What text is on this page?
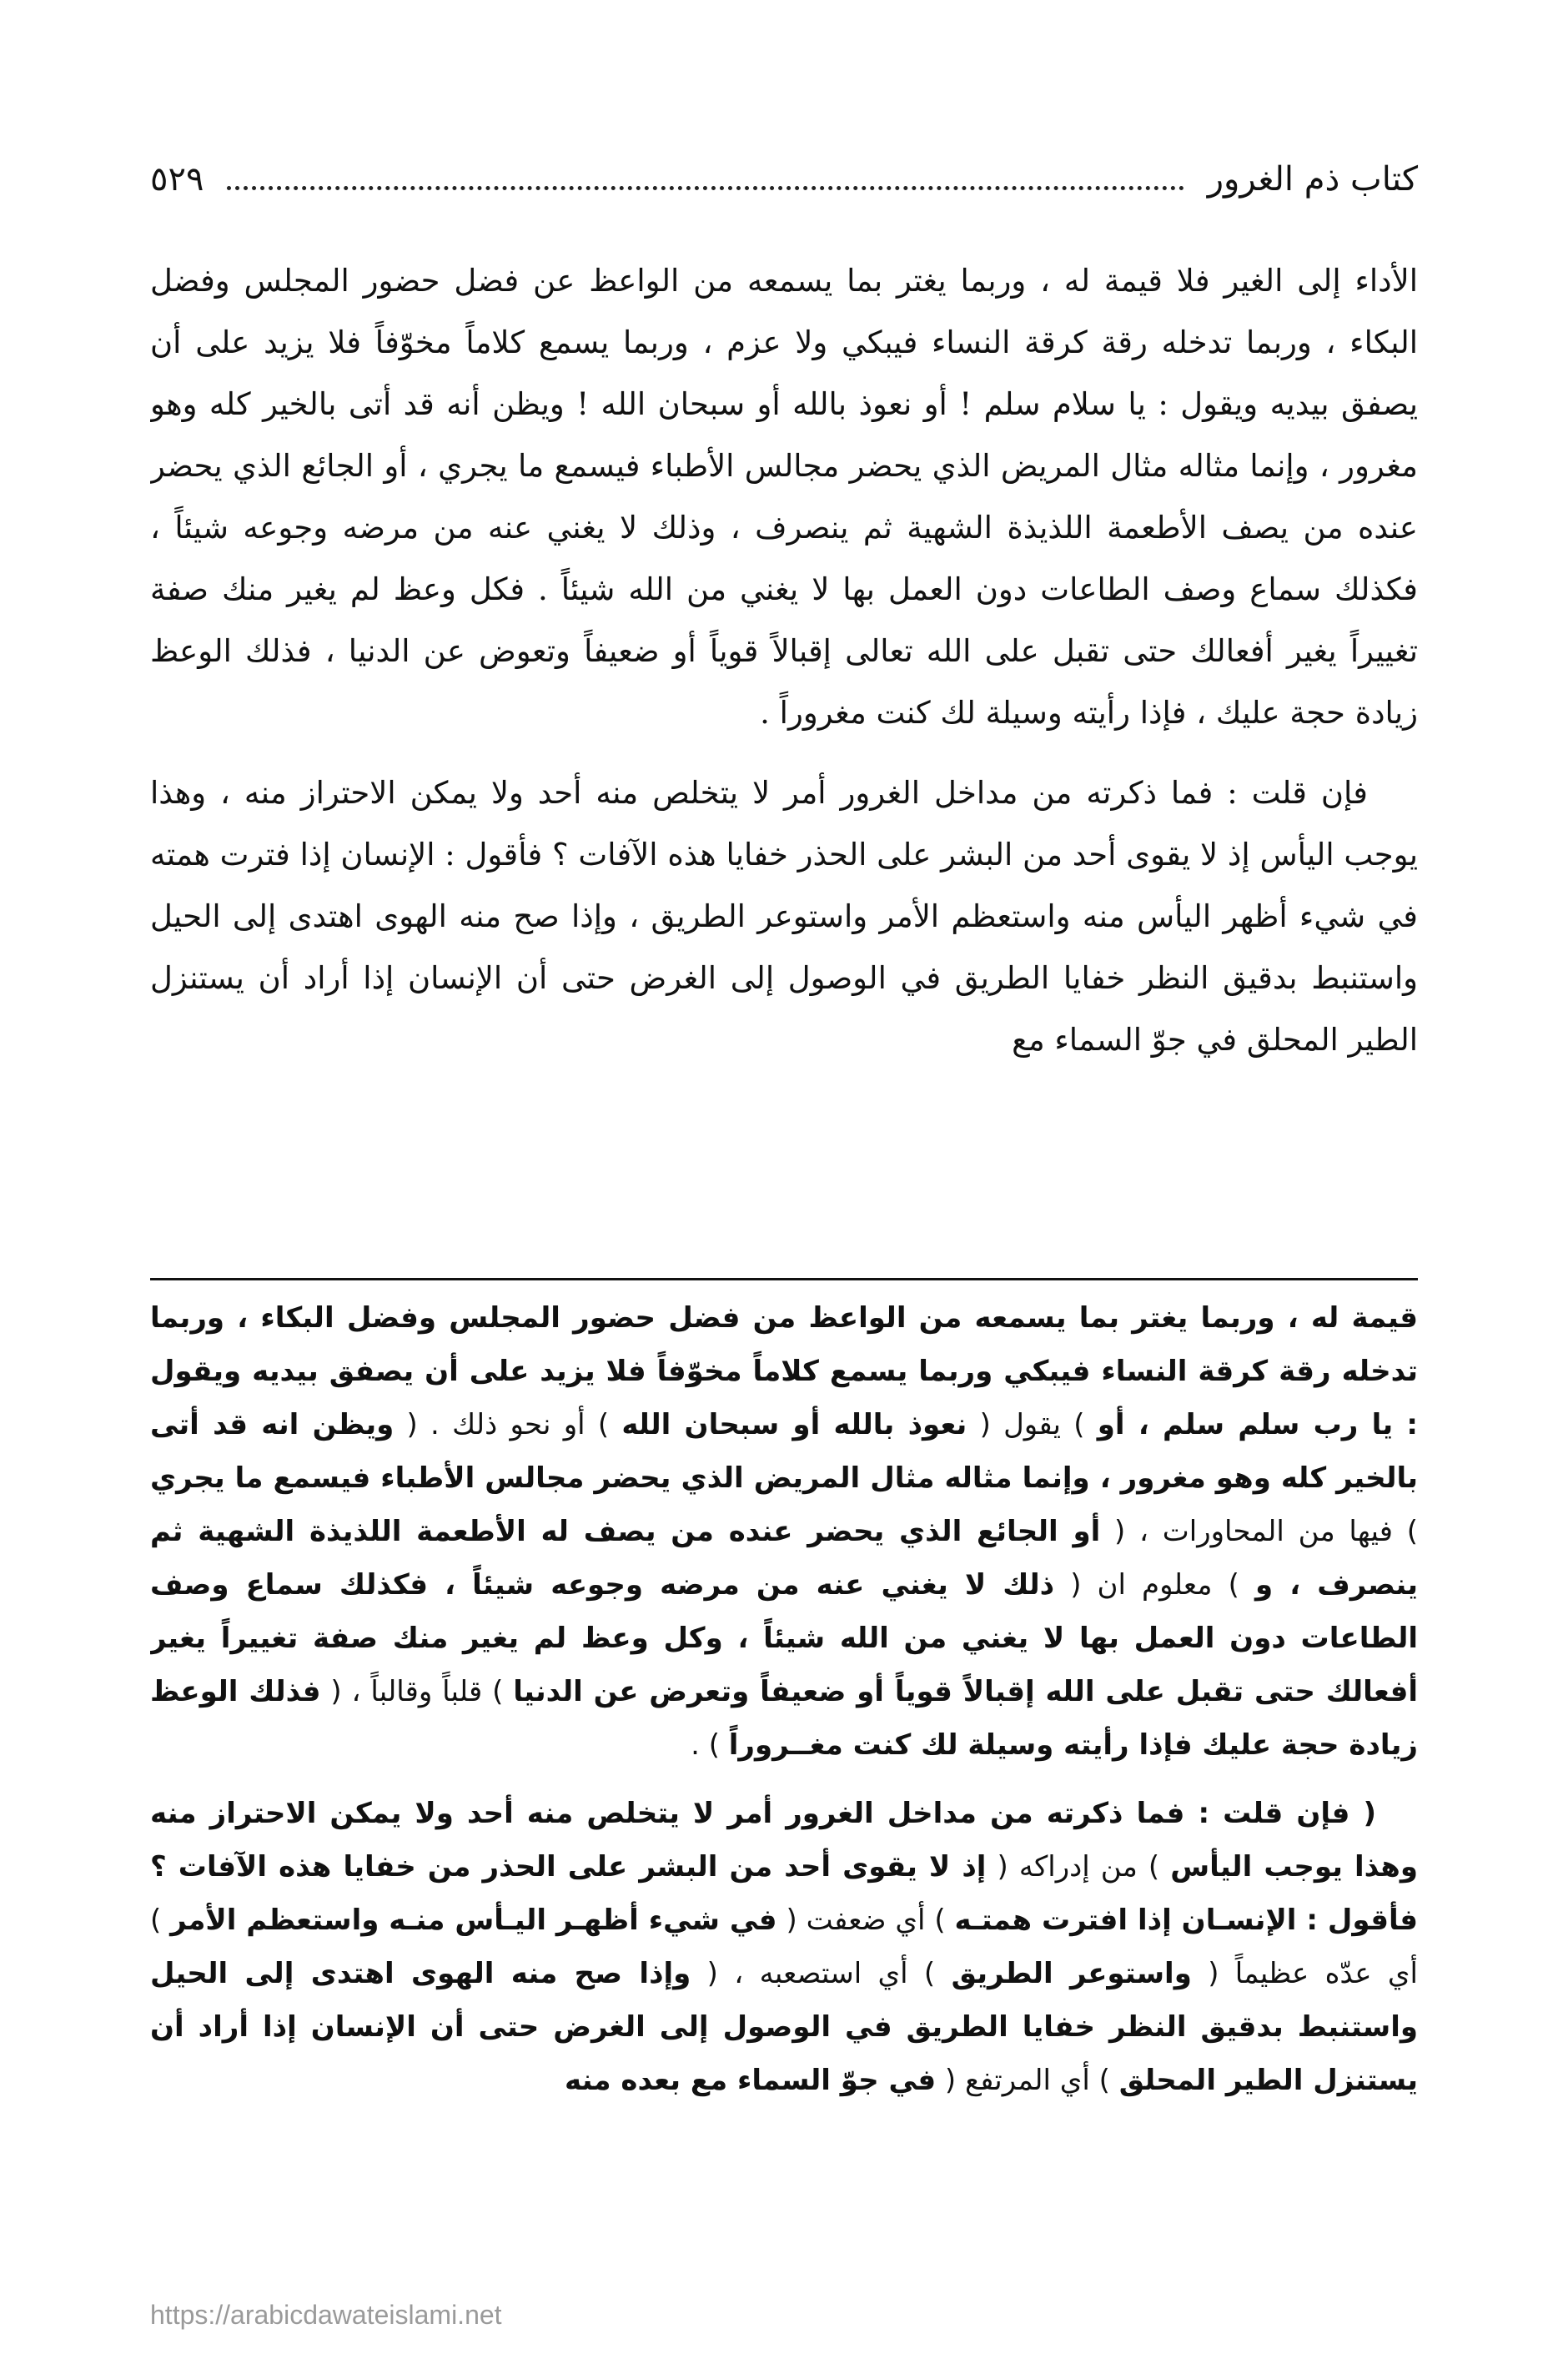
كتاب ذم الغرور
٥٢٩

الأداء إلى الغير فلا قيمة له ، وربما يغتر بما يسمعه من الواعظ عن فضل حضور المجلس وفضل البكاء ، وربما تدخله رقة كرقة النساء فيبكي ولا عزم ، وربما يسمع كلاماً مخوّفاً فلا يزيد على أن يصفق بيديه ويقول : يا سلام سلم ! أو نعوذ بالله أو سبحان الله ! ويظن أنه قد أتى بالخير كله وهو مغرور ، وإنما مثاله مثال المريض الذي يحضر مجالس الأطباء فيسمع ما يجري ، أو الجائع الذي يحضر عنده من يصف الأطعمة اللذيذة الشهية ثم ينصرف ، وذلك لا يغني عنه من مرضه وجوعه شيئاً ، فكذلك سماع وصف الطاعات دون العمل بها لا يغني من الله شيئاً . فكل وعظ لم يغير منك صفة تغييراً يغير أفعالك حتى تقبل على الله تعالى إقبالاً قوياً أو ضعيفاً وتعوض عن الدنيا ، فذلك الوعظ زيادة حجة عليك ، فإذا رأيته وسيلة لك كنت مغروراً .

فإن قلت : فما ذكرته من مداخل الغرور أمر لا يتخلص منه أحد ولا يمكن الاحتراز منه ، وهذا يوجب اليأس إذ لا يقوى أحد من البشر على الحذر خفايا هذه الآفات ؟ فأقول : الإنسان إذا فترت همته في شيء أظهر اليأس منه واستعظم الأمر واستوعر الطريق ، وإذا صح منه الهوى اهتدى إلى الحيل واستنبط بدقيق النظر خفايا الطريق في الوصول إلى الغرض حتى أن الإنسان إذا أراد أن يستنزل الطير المحلق في جوّ السماء مع

قيمة له ، وربما يغتر بما يسمعه من الواعظ من فضل حضور المجلس وفضل البكاء ، وربما تدخله رقة كرقة النساء فيبكي وربما يسمع كلاماً مخوّفاً فلا يزيد على أن يصفق بيديه ويقول : يا رب سلم سلم ، أو ) يقول ( نعوذ بالله أو سبحان الله ) أو نحو ذلك . ( ويظن انه قد أتى بالخير كله وهو مغرور ، وإنما مثاله مثال المريض الذي يحضر مجالس الأطباء فيسمع ما يجري ) فيها من المحاورات ، ( أو الجائع الذي يحضر عنده من يصف له الأطعمة اللذيذة الشهية ثم ينصرف ، و ) معلوم ان ( ذلك لا يغني عنه من مرضه وجوعه شيئاً ، فكذلك سماع وصف الطاعات دون العمل بها لا يغني من الله شيئاً ، وكل وعظ لم يغير منك صفة تغييراً يغير أفعالك حتى تقبل على الله إقبالاً قوياً أو ضعيفاً وتعرض عن الدنيا ) قلباً وقالباً ، ( فذلك الوعظ زيادة حجة عليك فإذا رأيته وسيلة لك كنت مغــروراً ) .

( فإن قلت : فما ذكرته من مداخل الغرور أمر لا يتخلص منه أحد ولا يمكن الاحتراز منه وهذا يوجب اليأس ) من إدراكه ( إذ لا يقوى أحد من البشر على الحذر من خفايا هذه الآفات ؟ فأقول : الإنسـان إذا افترت همتـه ) أي ضعفت ( في شيء أظهـر اليـأس منـه واستعظم الأمر ) أي عدّه عظيماً ( واستوعر الطريق ) أي استصعبه ، ( وإذا صح منه الهوى اهتدى إلى الحيل واستنبط بدقيق النظر خفايا الطريق في الوصول إلى الغرض حتى أن الإنسان إذا أراد أن يستنزل الطير المحلق ) أي المرتفع ( في جوّ السماء مع بعده منه

https://arabicdawateislami.net
